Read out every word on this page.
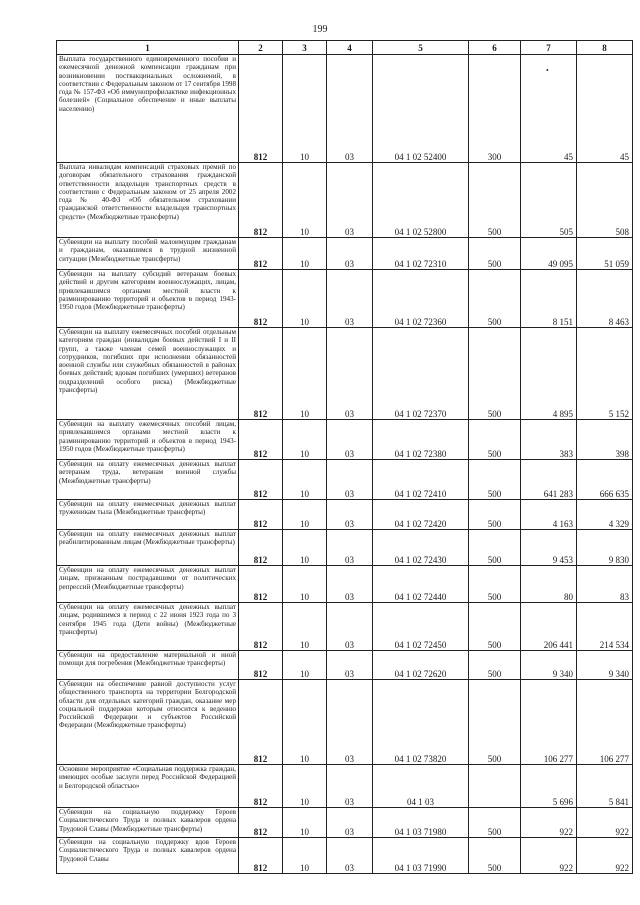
199
•
1	2	3	4	5	6	7	8
Выплата государственного единовременного пособия и ежемесячной денежной компенсации гражданам при возникновении поствакцинальных осложнений, в соответствии с Федеральным законом от 17 сентября 1998 года № 157-ФЗ «Об иммунопрофилактике инфекционных болезней» (Социальное обеспечение и иные выплаты населению)	812	10	03	04 1 02 52400	300	45	45
Выплата инвалидам компенсаций страховых премий по договорам обязательного страхования гражданской ответственности владельцев транспортных средств в соответствии с Федеральным законом от 25 апреля 2002 года № 40-ФЗ «Об обязательном страховании гражданской ответственности владельцев транспортных средств» (Межбюджетные трансферты)	812	10	03	04 1 02 52800	500	505	508
Субвенции на выплату пособий малоимущим гражданам и гражданам, оказавшимся в трудной жизненной ситуации (Межбюджетные трансферты)	812	10	03	04 1 02 72310	500	49 095	51 059
Субвенции на выплату субсидий ветеранам боевых действий и другим категориям военнослужащих, лицам, привлекавшимся органами местной власти к разминированию территорий и объектов в период 1943-1950 годов (Межбюджетные трансферты)	812	10	03	04 1 02 72360	500	8 151	8 463
Субвенции на выплату ежемесячных пособий отдельным категориям граждан (инвалидам боевых действий I и II групп, а также членам семей военнослужащих и сотрудников, погибших при исполнении обязанностей военной службы или служебных обязанностей в районах боевых действий; вдовам погибших (умерших) ветеранов подразделений особого риска) (Межбюджетные трансферты)	812	10	03	04 1 02 72370	500	4 895	5 152
Субвенции на выплату ежемесячных пособий лицам, привлекавшимся органами местной власти к разминированию территорий и объектов в период 1943-1950 годов (Межбюджетные трансферты)	812	10	03	04 1 02 72380	500	383	398
Субвенции на оплату ежемесячных денежных выплат ветеранам труда, ветеранам военной службы (Межбюджетные трансферты)	812	10	03	04 1 02 72410	500	641 283	666 635
Субвенции на оплату ежемесячных денежных выплат труженикам тыла (Межбюджетные трансферты)	812	10	03	04 1 02 72420	500	4 163	4 329
Субвенции на оплату ежемесячных денежных выплат реабилитированным лицам (Межбюджетные трансферты)	812	10	03	04 1 02 72430	500	9 453	9 830
Субвенции на оплату ежемесячных денежных выплат лицам, признанным пострадавшими от политических репрессий (Межбюджетные трансферты)	812	10	03	04 1 02 72440	500	80	83
Субвенции на оплату ежемесячных денежных выплат лицам, родившимся в период с 22 июня 1923 года по 3 сентября 1945 года (Дети войны) (Межбюджетные трансферты)	812	10	03	04 1 02 72450	500	206 441	214 534
Субвенции на предоставление материальной и иной помощи для погребения (Межбюджетные трансферты)	812	10	03	04 1 02 72620	500	9 340	9 340
Субвенции на обеспечение равной доступности услуг общественного транспорта на территории Белгородской области для отдельных категорий граждан, оказание мер социальной поддержки которым относится к ведению Российской Федерации и субъектов Российской Федерации (Межбюджетные трансферты)	812	10	03	04 1 02 73820	500	106 277	106 277
Основное мероприятие «Социальная поддержка граждан, имеющих особые заслуги перед Российской Федерацией и Белгородской областью»	812	10	03	04 1 03		5 696	5 841
Субвенции на социальную поддержку Героев Социалистического Труда и полных кавалеров ордена Трудовой Славы (Межбюджетные трансферты)	812	10	03	04 1 03 71980	500	922	922
Субвенции на социальную поддержку вдов Героев Социалистического Труда и полных кавалеров ордена Трудовой Славы	812	10	03	04 1 03 71990	500	922	922
